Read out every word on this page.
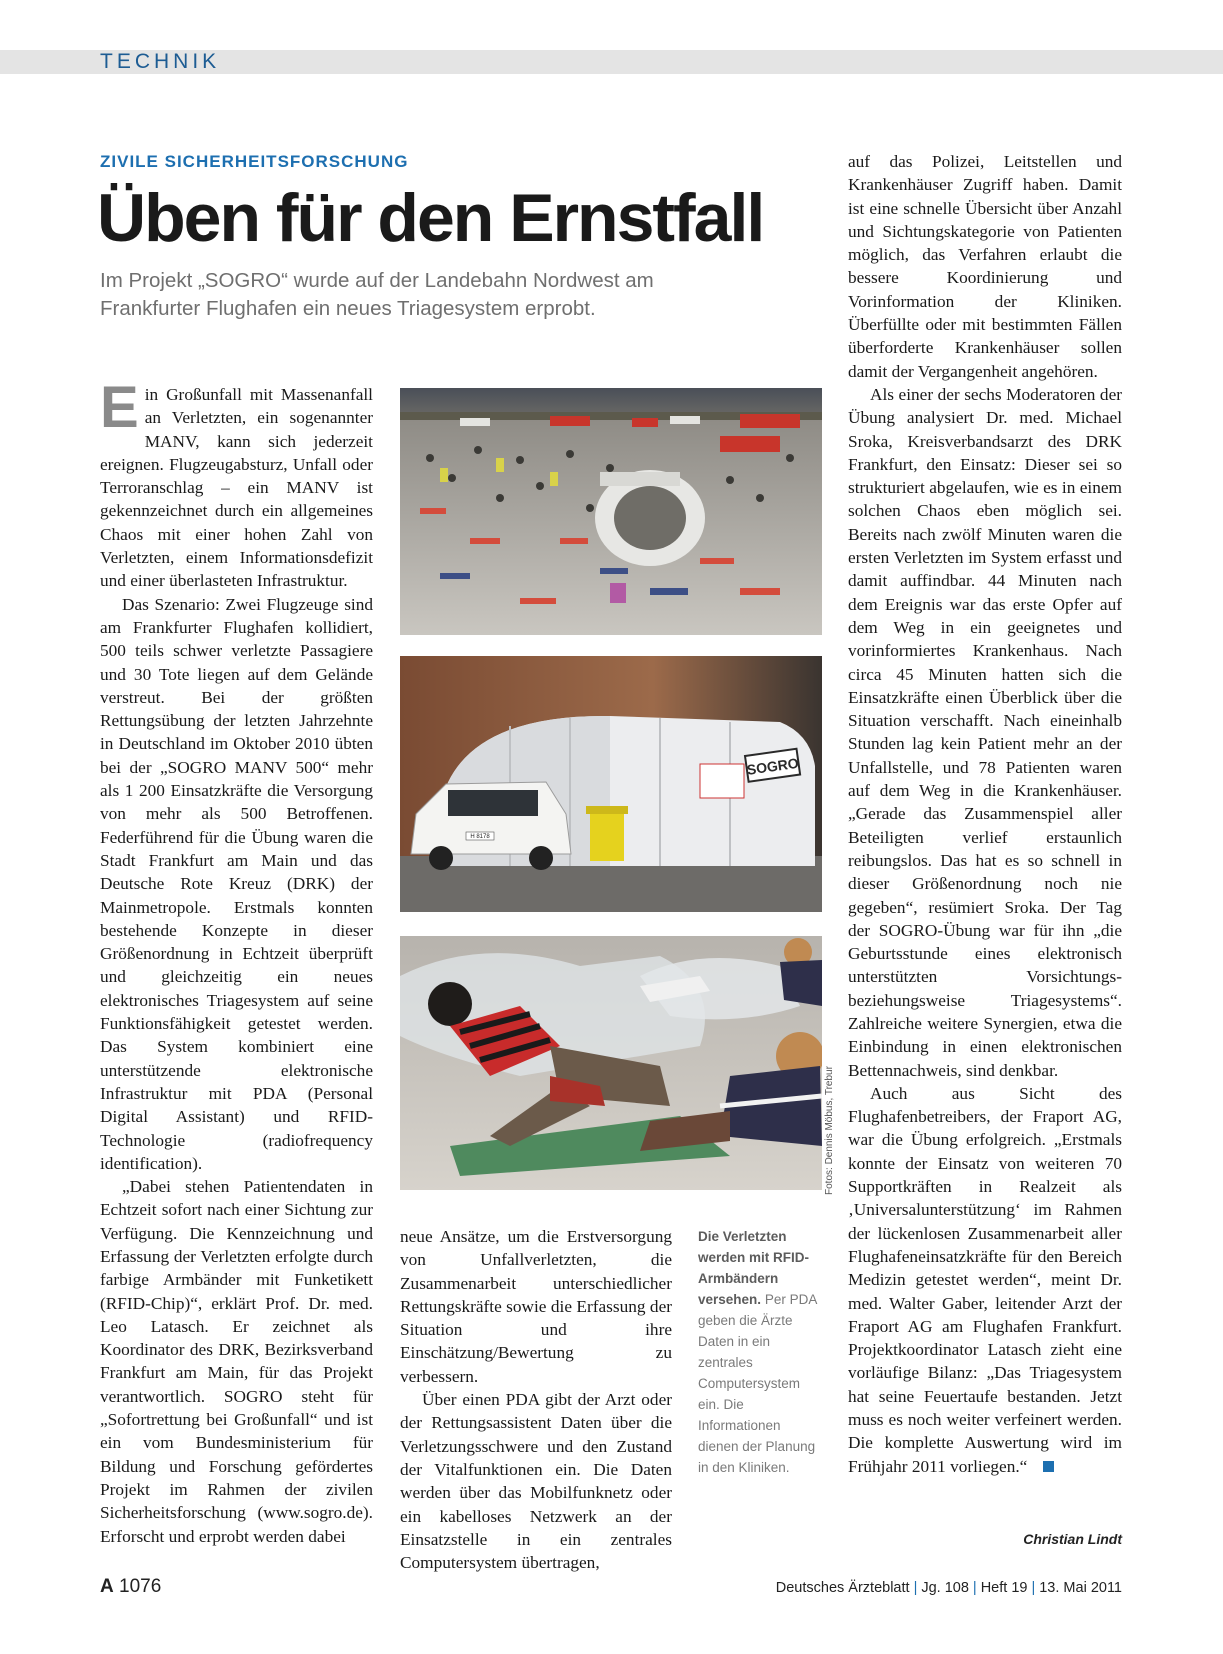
TECHNIK
ZIVILE SICHERHEITSFORSCHUNG
Üben für den Ernstfall
Im Projekt „SOGRO“ wurde auf der Landebahn Nordwest am Frankfurter Flughafen ein neues Triagesystem erprobt.

Ein Großunfall mit Massenanfall an Verletzten, ein sogenannter MANV, kann sich jederzeit ereignen. Flugzeugabsturz, Unfall oder Terroranschlag – ein MANV ist gekennzeichnet durch ein allgemeines Chaos mit einer hohen Zahl von Verletzten, einem Informationsdefizit und einer überlasteten Infrastruktur.

Das Szenario: Zwei Flugzeuge sind am Frankfurter Flughafen kollidiert, 500 teils schwer verletzte Passagiere und 30 Tote liegen auf dem Gelände verstreut. Bei der größten Rettungsübung der letzten Jahrzehnte in Deutschland im Oktober 2010 übten bei der „SOGRO MANV 500“ mehr als 1 200 Einsatzkräfte die Versorgung von mehr als 500 Betroffenen. Federführend für die Übung waren die Stadt Frankfurt am Main und das Deutsche Rote Kreuz (DRK) der Mainmetropole. Erstmals konnten bestehende Konzepte in dieser Größenordnung in Echtzeit überprüft und gleichzeitig ein neues elektronisches Triagesystem auf seine Funktionsfähigkeit getestet werden. Das System kombiniert eine unterstützende elektronische Infrastruktur mit PDA (Personal Digital Assistant) und RFID-Technologie (radiofrequency identification).

„Dabei stehen Patientendaten in Echtzeit sofort nach einer Sichtung zur Verfügung. Die Kennzeichnung und Erfassung der Verletzten erfolgte durch farbige Armbänder mit Funketikett (RFID-Chip)“, erklärt Prof. Dr. med. Leo Latasch. Er zeichnet als Koordinator des DRK, Bezirksverband Frankfurt am Main, für das Projekt verantwortlich. SOGRO steht für „Sofortrettung bei Großunfall“ und ist ein vom Bundesministerium für Bildung und Forschung gefördertes Projekt im Rahmen der zivilen Sicherheitsforschung (www.sogro.de). Erforscht und erprobt werden dabei

SOGRO
H 8178
Fotos: Dennis Möbus, Trebur

neue Ansätze, um die Erstversorgung von Unfallverletzten, die Zusammenarbeit unterschiedlicher Rettungskräfte sowie die Erfassung der Situation und ihre Einschätzung/Bewertung zu verbessern.

Über einen PDA gibt der Arzt oder der Rettungsassistent Daten über die Verletzungsschwere und den Zustand der Vitalfunktionen ein. Die Daten werden über das Mobilfunknetz oder ein kabelloses Netzwerk an der Einsatzstelle in ein zentrales Computersystem übertragen,

Die Verletzten werden mit RFID-Armbändern versehen. Per PDA geben die Ärzte Daten in ein zentrales Computersystem ein. Die Informationen dienen der Planung in den Kliniken.

auf das Polizei, Leitstellen und Krankenhäuser Zugriff haben. Damit ist eine schnelle Übersicht über Anzahl und Sichtungskategorie von Patienten möglich, das Verfahren erlaubt die bessere Koordinierung und Vorinformation der Kliniken. Überfüllte oder mit bestimmten Fällen überforderte Krankenhäuser sollen damit der Vergangenheit angehören.

Als einer der sechs Moderatoren der Übung analysiert Dr. med. Michael Sroka, Kreisverbandsarzt des DRK Frankfurt, den Einsatz: Dieser sei so strukturiert abgelaufen, wie es in einem solchen Chaos eben möglich sei. Bereits nach zwölf Minuten waren die ersten Verletzten im System erfasst und damit auffindbar. 44 Minuten nach dem Ereignis war das erste Opfer auf dem Weg in ein geeignetes und vorinformiertes Krankenhaus. Nach circa 45 Minuten hatten sich die Einsatzkräfte einen Überblick über die Situation verschafft. Nach eineinhalb Stunden lag kein Patient mehr an der Unfallstelle, und 78 Patienten waren auf dem Weg in die Krankenhäuser. „Gerade das Zusammenspiel aller Beteiligten verlief erstaunlich reibungslos. Das hat es so schnell in dieser Größenordnung noch nie gegeben“, resümiert Sroka. Der Tag der SOGRO-Übung war für ihn „die Geburtsstunde eines elektronisch unterstützten Vorsichtungs- beziehungsweise Triagesystems“. Zahlreiche weitere Synergien, etwa die Einbindung in einen elektronischen Bettennachweis, sind denkbar.

Auch aus Sicht des Flughafenbetreibers, der Fraport AG, war die Übung erfolgreich. „Erstmals konnte der Einsatz von weiteren 70 Supportkräften in Realzeit als ‚Universalunterstützung‘ im Rahmen der lückenlosen Zusammenarbeit aller Flughafeneinsatzkräfte für den Bereich Medizin getestet werden“, meint Dr. med. Walter Gaber, leitender Arzt der Fraport AG am Flughafen Frankfurt. Projektkoordinator Latasch zieht eine vorläufige Bilanz: „Das Triagesystem hat seine Feuertaufe bestanden. Jetzt muss es noch weiter verfeinert werden. Die komplette Auswertung wird im Frühjahr 2011 vorliegen.“

Christian Lindt
A 1076	Deutsches Ärzteblatt | Jg. 108 | Heft 19 | 13. Mai 2011
